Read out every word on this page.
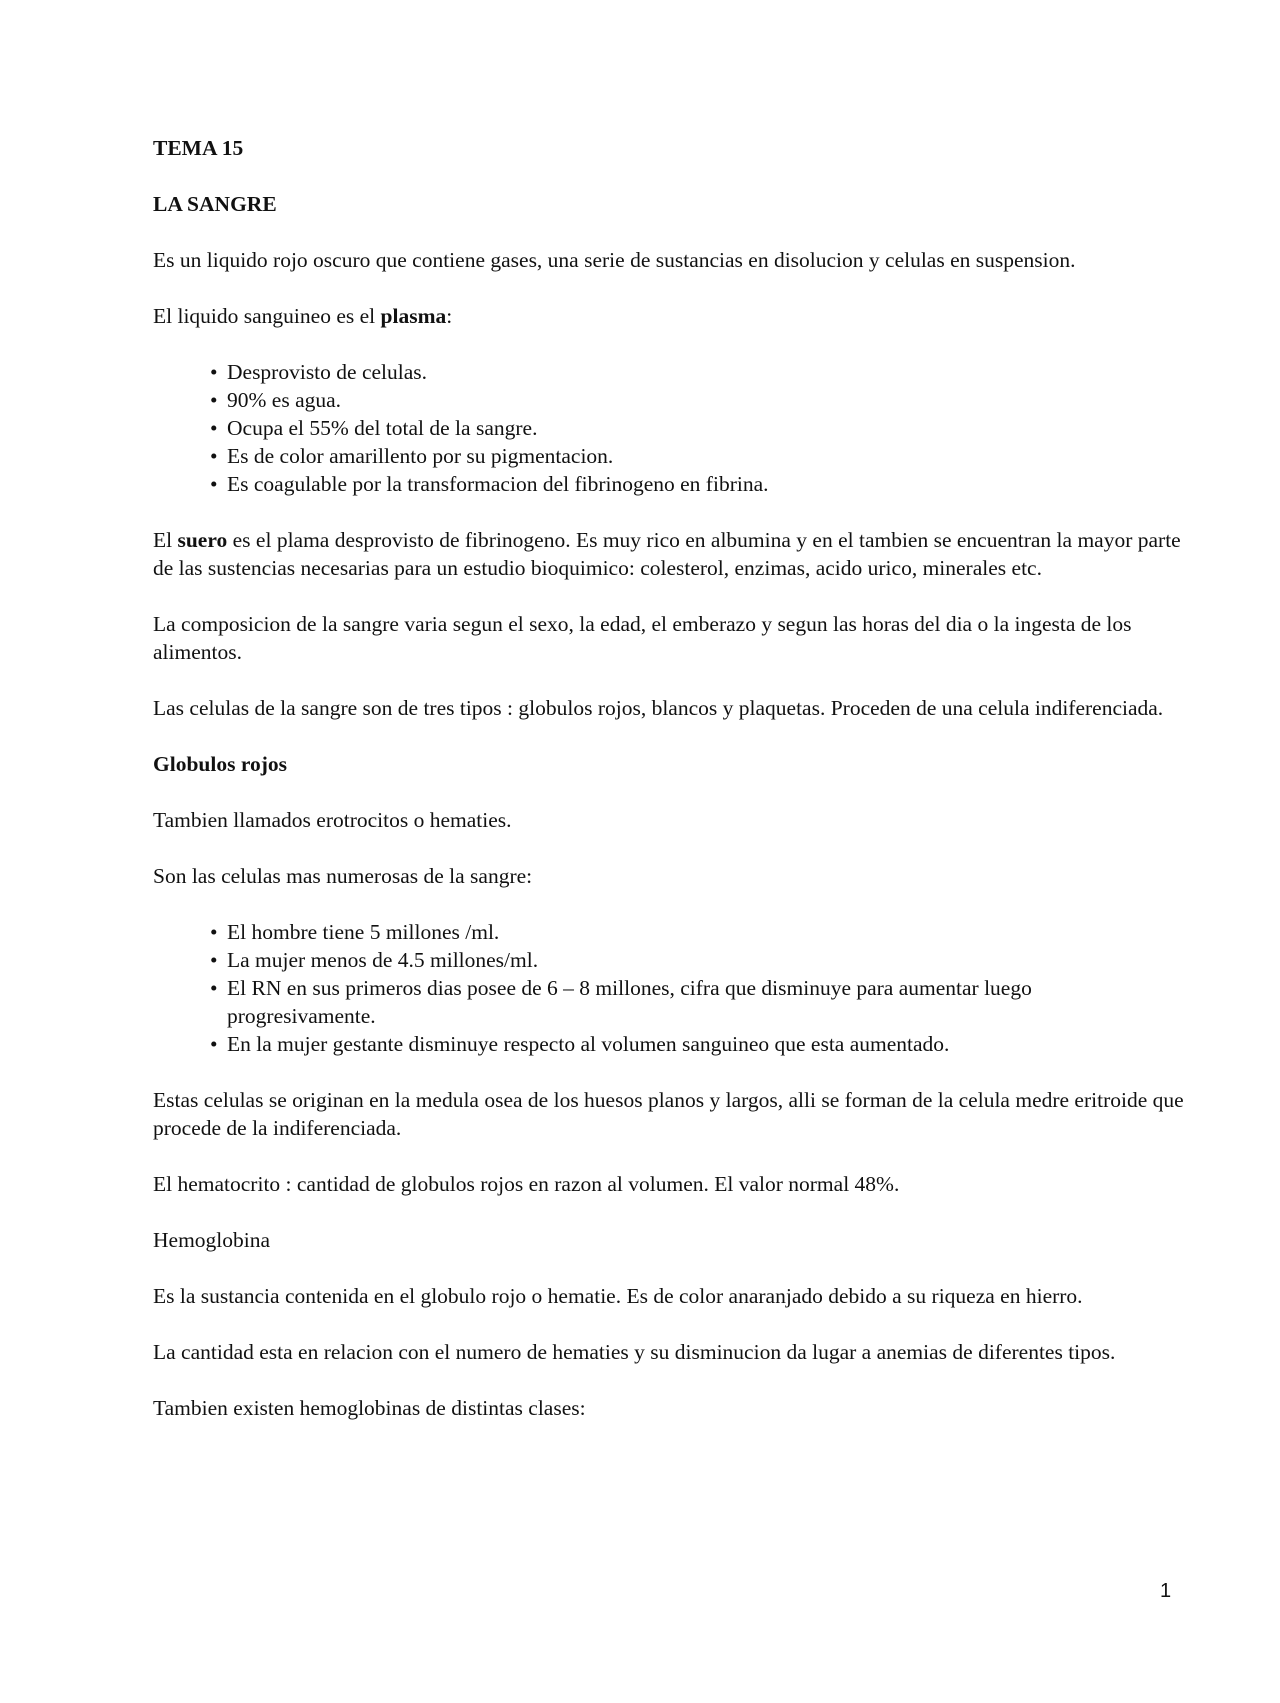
TEMA 15
LA SANGRE
Es un liquido rojo oscuro que contiene gases, una serie de sustancias en disolucion y celulas en suspension.
El liquido sanguineo es el plasma:
• Desprovisto de celulas.
• 90% es agua.
• Ocupa el 55% del total de la sangre.
• Es de color amarillento por su pigmentacion.
• Es coagulable por la transformacion del fibrinogeno en fibrina.
El suero es el plama desprovisto de fibrinogeno. Es muy rico en albumina y en el tambien se encuentran la mayor parte de las sustencias necesarias para un estudio bioquimico: colesterol, enzimas, acido urico, minerales etc.
La composicion de la sangre varia segun el sexo, la edad, el emberazo y segun las horas del dia o la ingesta de los alimentos.
Las celulas de la sangre son de tres tipos : globulos rojos, blancos y plaquetas. Proceden de una celula indiferenciada.
Globulos rojos
Tambien llamados erotrocitos o hematies.
Son las celulas mas numerosas de la sangre:
• El hombre tiene 5 millones /ml.
• La mujer menos de 4.5 millones/ml.
• El RN en sus primeros dias posee de 6 – 8 millones, cifra que disminuye para aumentar luego progresivamente.
• En la mujer gestante disminuye respecto al volumen sanguineo que esta aumentado.
Estas celulas se originan en la medula osea de los huesos planos y largos, alli se forman de la celula medre eritroide que procede de la indiferenciada.
El hematocrito : cantidad de globulos rojos en razon al volumen. El valor normal 48%.
Hemoglobina
Es la sustancia contenida en el globulo rojo o hematie. Es de color anaranjado debido a su riqueza en hierro.
La cantidad esta en relacion con el numero de hematies y su disminucion da lugar a anemias de diferentes tipos.
Tambien existen hemoglobinas de distintas clases:
1
